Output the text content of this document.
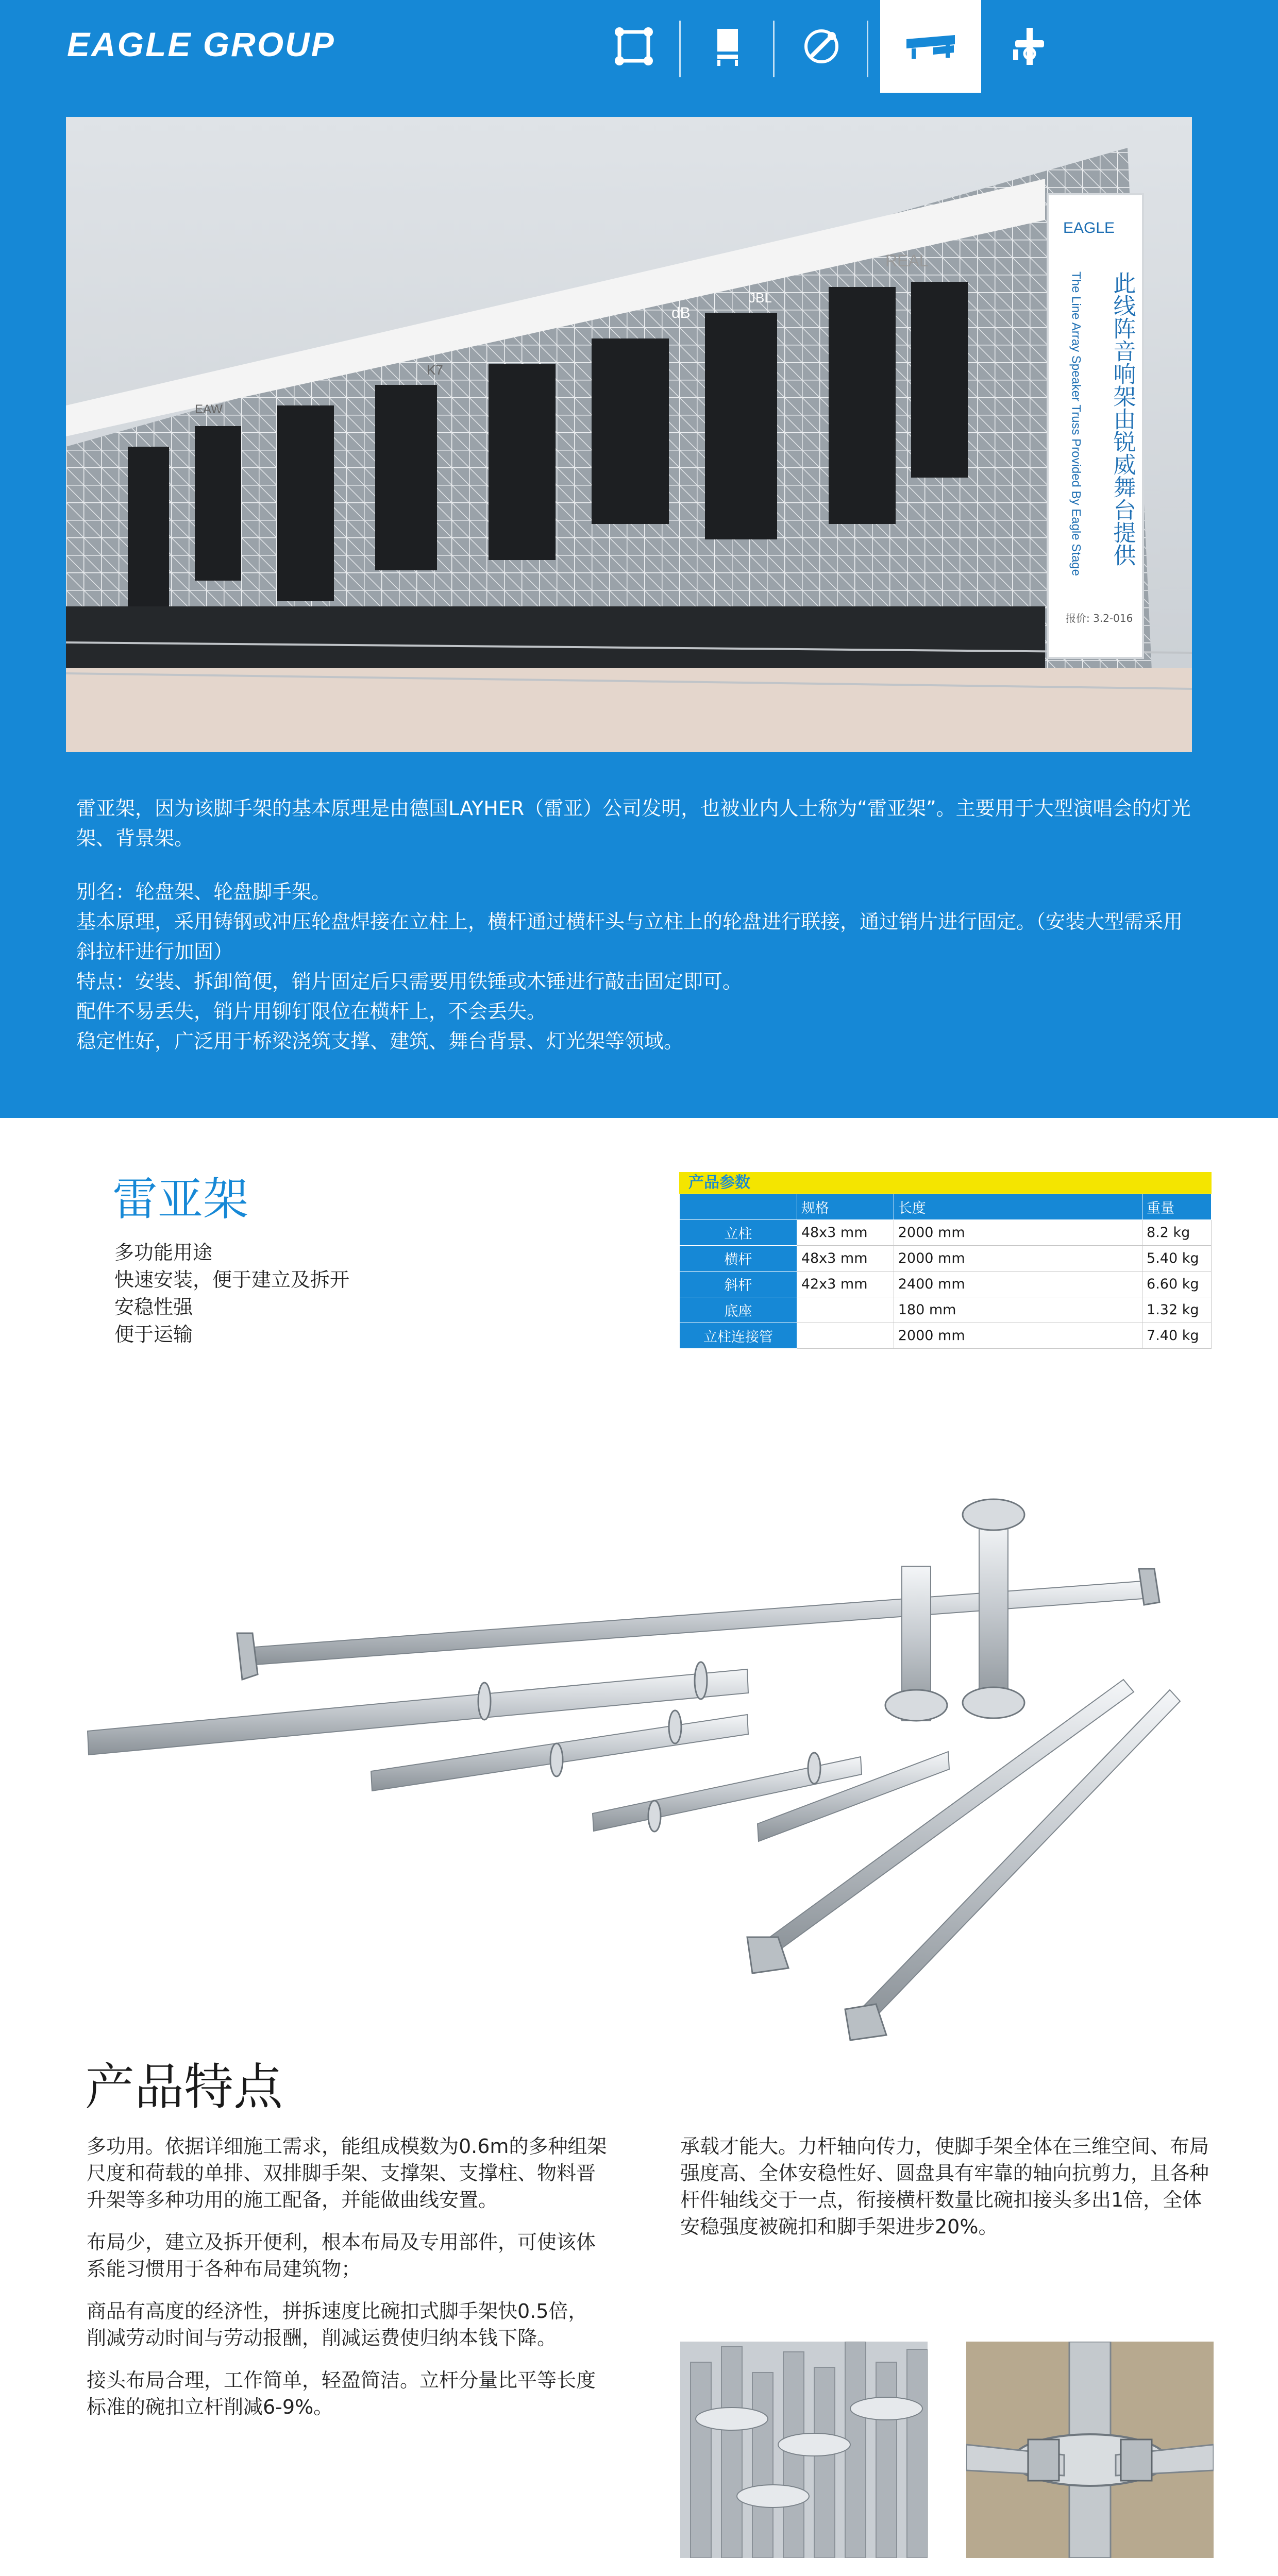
EAGLE GROUP
EAGLE
此线阵音响架由锐威舞台提供
The Line Array Speaker Truss Provided By Eagle Stage
报价: 3.2-016
REAL
dB
JBL
K7
EAW

雷亚架，因为该脚手架的基本原理是由德国LAYHER（雷亚）公司发明，也被业内人士称为“雷亚架”。主要用于大型演唱会的灯光架、背景架。

别名：轮盘架、轮盘脚手架。

基本原理，采用铸钢或冲压轮盘焊接在立柱上，横杆通过横杆头与立柱上的轮盘进行联接，通过销片进行固定。（安装大型需采用斜拉杆进行加固）

特点：安装、拆卸简便，销片固定后只需要用铁锤或木锤进行敲击固定即可。

配件不易丢失，销片用铆钉限位在横杆上，不会丢失。

稳定性好，广泛用于桥梁浇筑支撑、建筑、舞台背景、灯光架等领域。

雷亚架
多功能用途
快速安装，便于建立及拆开
安稳性强
便于运输
产品参数
	规格	长度	重量
立柱	48x3 mm	2000 mm	8.2 kg
横杆	48x3 mm	2000 mm	5.40 kg
斜杆	42x3 mm	2400 mm	6.60 kg
底座		180 mm	1.32 kg
立柱连接管		2000 mm	7.40 kg
产品特点

多功用。依据详细施工需求，能组成模数为0.6m的多种组架尺度和荷载的单排、双排脚手架、支撑架、支撑柱、物料晋升架等多种功用的施工配备，并能做曲线安置。

布局少，建立及拆开便利，根本布局及专用部件，可使该体系能习惯用于各种布局建筑物；

商品有高度的经济性，拼拆速度比碗扣式脚手架快0.5倍，削减劳动时间与劳动报酬，削减运费使归纳本钱下降。

接头布局合理，工作简单，轻盈简洁。立杆分量比平等长度标准的碗扣立杆削减6-9%。

承载才能大。力杆轴向传力，使脚手架全体在三维空间、布局强度高、全体安稳性好、圆盘具有牢靠的轴向抗剪力，且各种杆件轴线交于一点，衔接横杆数量比碗扣接头多出1倍，全体安稳强度被碗扣和脚手架进步20%。
